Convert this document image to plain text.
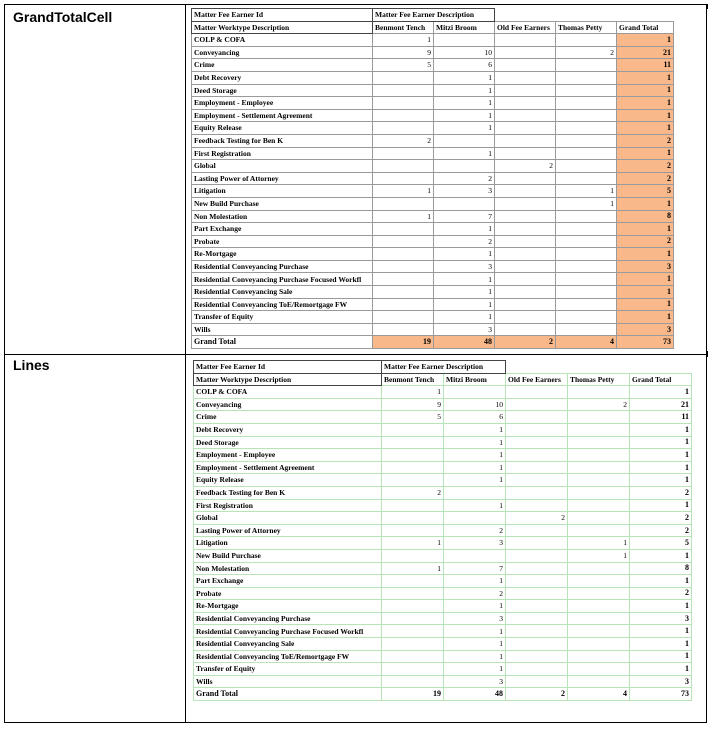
GrandTotalCell	Matter Fee Earner Id	Matter Fee Earner Description				
Matter Worktype Description	Benmont Tench	Mitzi Broom	Old Fee Earners	Thomas Petty	Grand Total
COLP & COFA	1				1
Conveyancing	9	10		2	21
Crime	5	6			11
Debt Recovery		1			1
Deed Storage		1			1
Employment - Employee		1			1
Employment - Settlement Agreement		1			1
Equity Release		1			1
Feedback Testing for Ben K	2				2
First Registration		1			1
Global			2		2
Lasting Power of Attorney		2			2
Litigation	1	3		1	5
New Build Purchase				1	1
Non Molestation	1	7			8
Part Exchange		1			1
Probate		2			2
Re-Mortgage		1			1
Residential Conveyancing Purchase		3			3
Residential Conveyancing Purchase Focused Workfl		1			1
Residential Conveyancing Sale		1			1
Residential Conveyancing ToE/Remortgage FW		1			1
Transfer of Equity		1			1
Wills		3			3
Grand Total	19	48	2	4	73
Lines	Matter Fee Earner Id	Matter Fee Earner Description				
Matter Worktype Description	Benmont Tench	Mitzi Broom	Old Fee Earners	Thomas Petty	Grand Total
COLP & COFA	1				1
Conveyancing	9	10		2	21
Crime	5	6			11
Debt Recovery		1			1
Deed Storage		1			1
Employment - Employee		1			1
Employment - Settlement Agreement		1			1
Equity Release		1			1
Feedback Testing for Ben K	2				2
First Registration		1			1
Global			2		2
Lasting Power of Attorney		2			2
Litigation	1	3		1	5
New Build Purchase				1	1
Non Molestation	1	7			8
Part Exchange		1			1
Probate		2			2
Re-Mortgage		1			1
Residential Conveyancing Purchase		3			3
Residential Conveyancing Purchase Focused Workfl		1			1
Residential Conveyancing Sale		1			1
Residential Conveyancing ToE/Remortgage FW		1			1
Transfer of Equity		1			1
Wills		3			3
Grand Total	19	48	2	4	73
